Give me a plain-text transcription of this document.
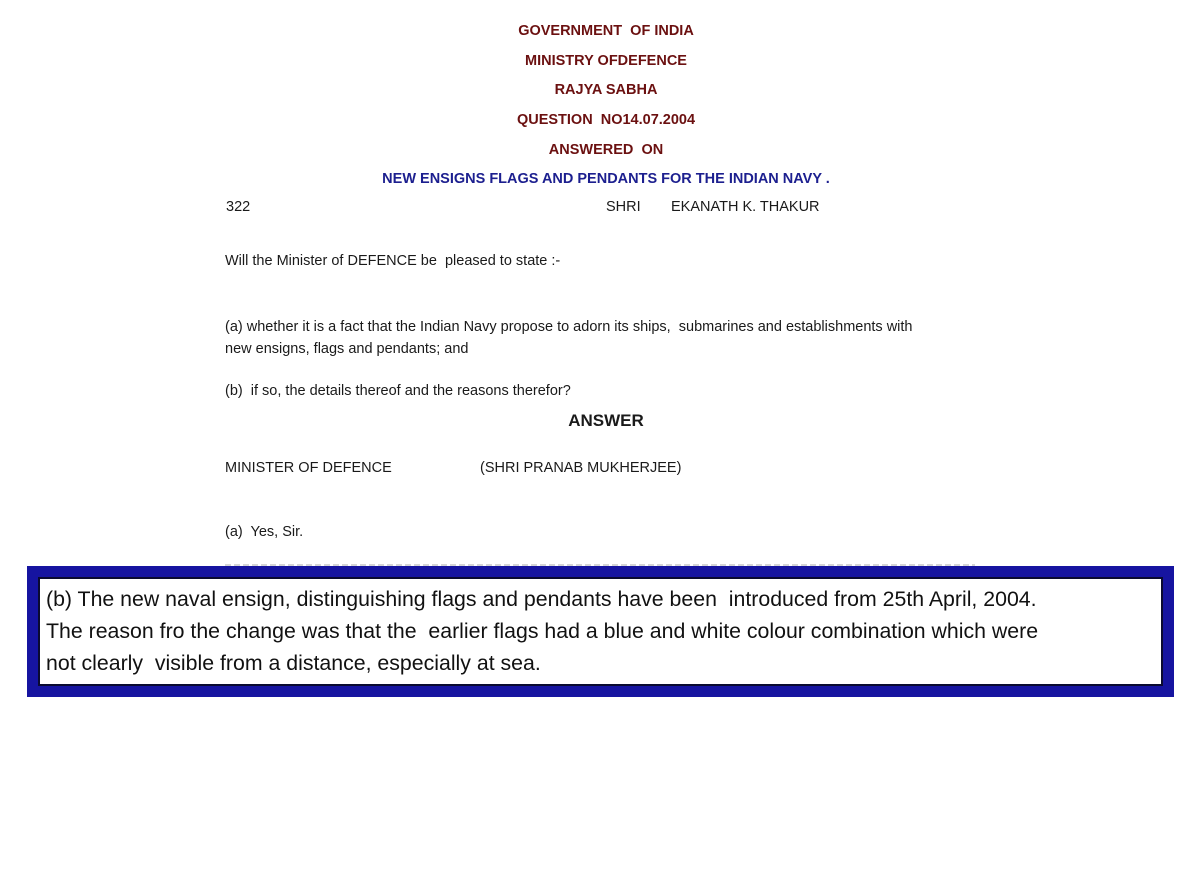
GOVERNMENT  OF INDIA
MINISTRY OFDEFENCE
RAJYA SABHA
QUESTION  NO14.07.2004
ANSWERED  ON
NEW ENSIGNS FLAGS AND PENDANTS FOR THE INDIAN NAVY .
322	SHRI EKANATH K. THAKUR
Will the Minister of DEFENCE be  pleased to state :-
(a) whether it is a fact that the Indian Navy propose to adorn its ships,  submarines and establishments with
new ensigns, flags and pendants; and
(b)  if so, the details thereof and the reasons therefor?
ANSWER
MINISTER OF DEFENCE	(SHRI PRANAB MUKHERJEE)
(a)  Yes, Sir.

(b) The new naval ensign, distinguishing flags and pendants have been  introduced from 25th April, 2004.
The reason fro the change was that the  earlier flags had a blue and white colour combination which were
not clearly  visible from a distance, especially at sea.
